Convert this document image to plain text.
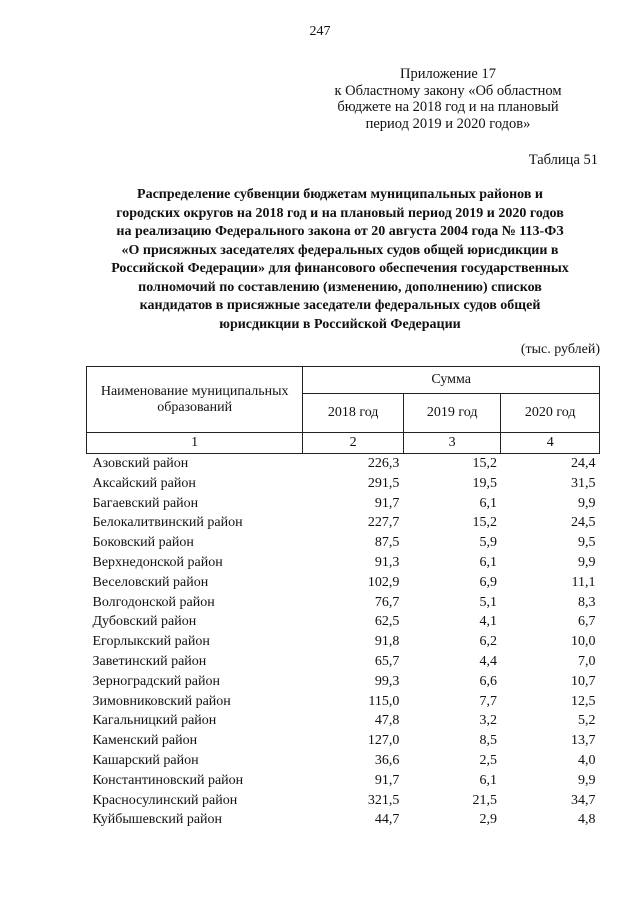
247
Приложение 17
к Областному закону «Об областном
бюджете на 2018 год и на плановый
период 2019 и 2020 годов»
Таблица 51
Распределение субвенции бюджетам муниципальных районов и
городских округов на 2018 год и на плановый период 2019 и 2020 годов
на реализацию Федерального закона от 20 августа 2004 года № 113-ФЗ
«О присяжных заседателях федеральных судов общей юрисдикции в
Российской Федерации» для финансового обеспечения государственных
полномочий по составлению (изменению, дополнению) списков
кандидатов в присяжные заседатели федеральных судов общей
юрисдикции в Российской Федерации
(тыс. рублей)
Наименование муниципальных
образований	Сумма		
	2018 год	2019 год	2020 год
1	2	3	4
Азовский район	226,3	15,2	24,4
Аксайский район	291,5	19,5	31,5
Багаевский район	91,7	6,1	9,9
Белокалитвинский район	227,7	15,2	24,5
Боковский район	87,5	5,9	9,5
Верхнедонской район	91,3	6,1	9,9
Веселовский район	102,9	6,9	11,1
Волгодонской район	76,7	5,1	8,3
Дубовский район	62,5	4,1	6,7
Егорлыкский район	91,8	6,2	10,0
Заветинский район	65,7	4,4	7,0
Зерноградский район	99,3	6,6	10,7
Зимовниковский район	115,0	7,7	12,5
Кагальницкий район	47,8	3,2	5,2
Каменский район	127,0	8,5	13,7
Кашарский район	36,6	2,5	4,0
Константиновский район	91,7	6,1	9,9
Красносулинский район	321,5	21,5	34,7
Куйбышевский район	44,7	2,9	4,8
